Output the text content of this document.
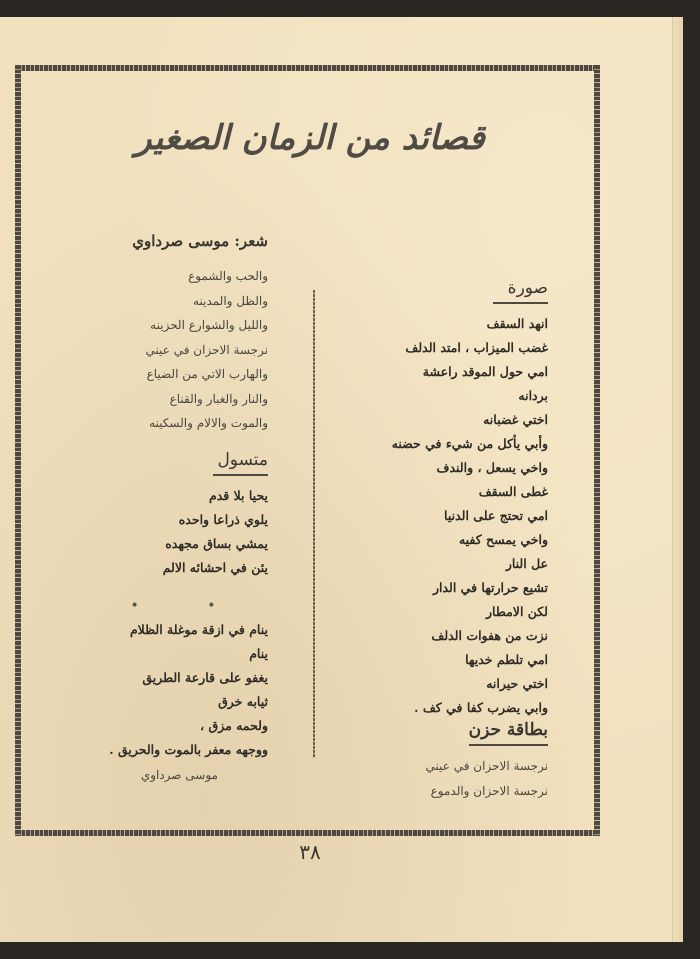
قصائد من الزمان الصغير
صورة
انهد السقف
غضب الميزاب ، امتد الدلف
امي حول الموقد راعشة بردانه
اختي غضبانه
وأبي يأكل من شيء في حضنه
واخي يسعل ، والندف
غطى السقف
امي تحتج على الدنيا
واخي يمسح كفيه
عل النار
تشيع حرارتها في الدار
لكن الامطار
نزت من هفوات الدلف
امي تلطم خديها
اختي حيرانه
وابي يضرب كفا في كف .
بطاقة حزن
نرجسة الاحزان في عيني
نرجسة الاحزان والدموع
شعر: موسى صرداوي
والحب والشموع
والظل والمدينه
والليل والشوارع الحزينه
نرجسة الاحزان في عيني
والهارب الاتي من الضياع
والنار والغبار والقناع
والموت والالام والسكينه
متسول
يحيا بلا قدم
يلوي ذراعا واحده
يمشي بساق مجهده
يئن في احشائه الالم
• •
ينام في ازقة موغلة الظلام
ينام
يغفو على قارعة الطريق
ثيابه خرق
ولحمه مزق ،
ووجهه معفر بالموت والحريق .
موسى صرداوي
٣٨
